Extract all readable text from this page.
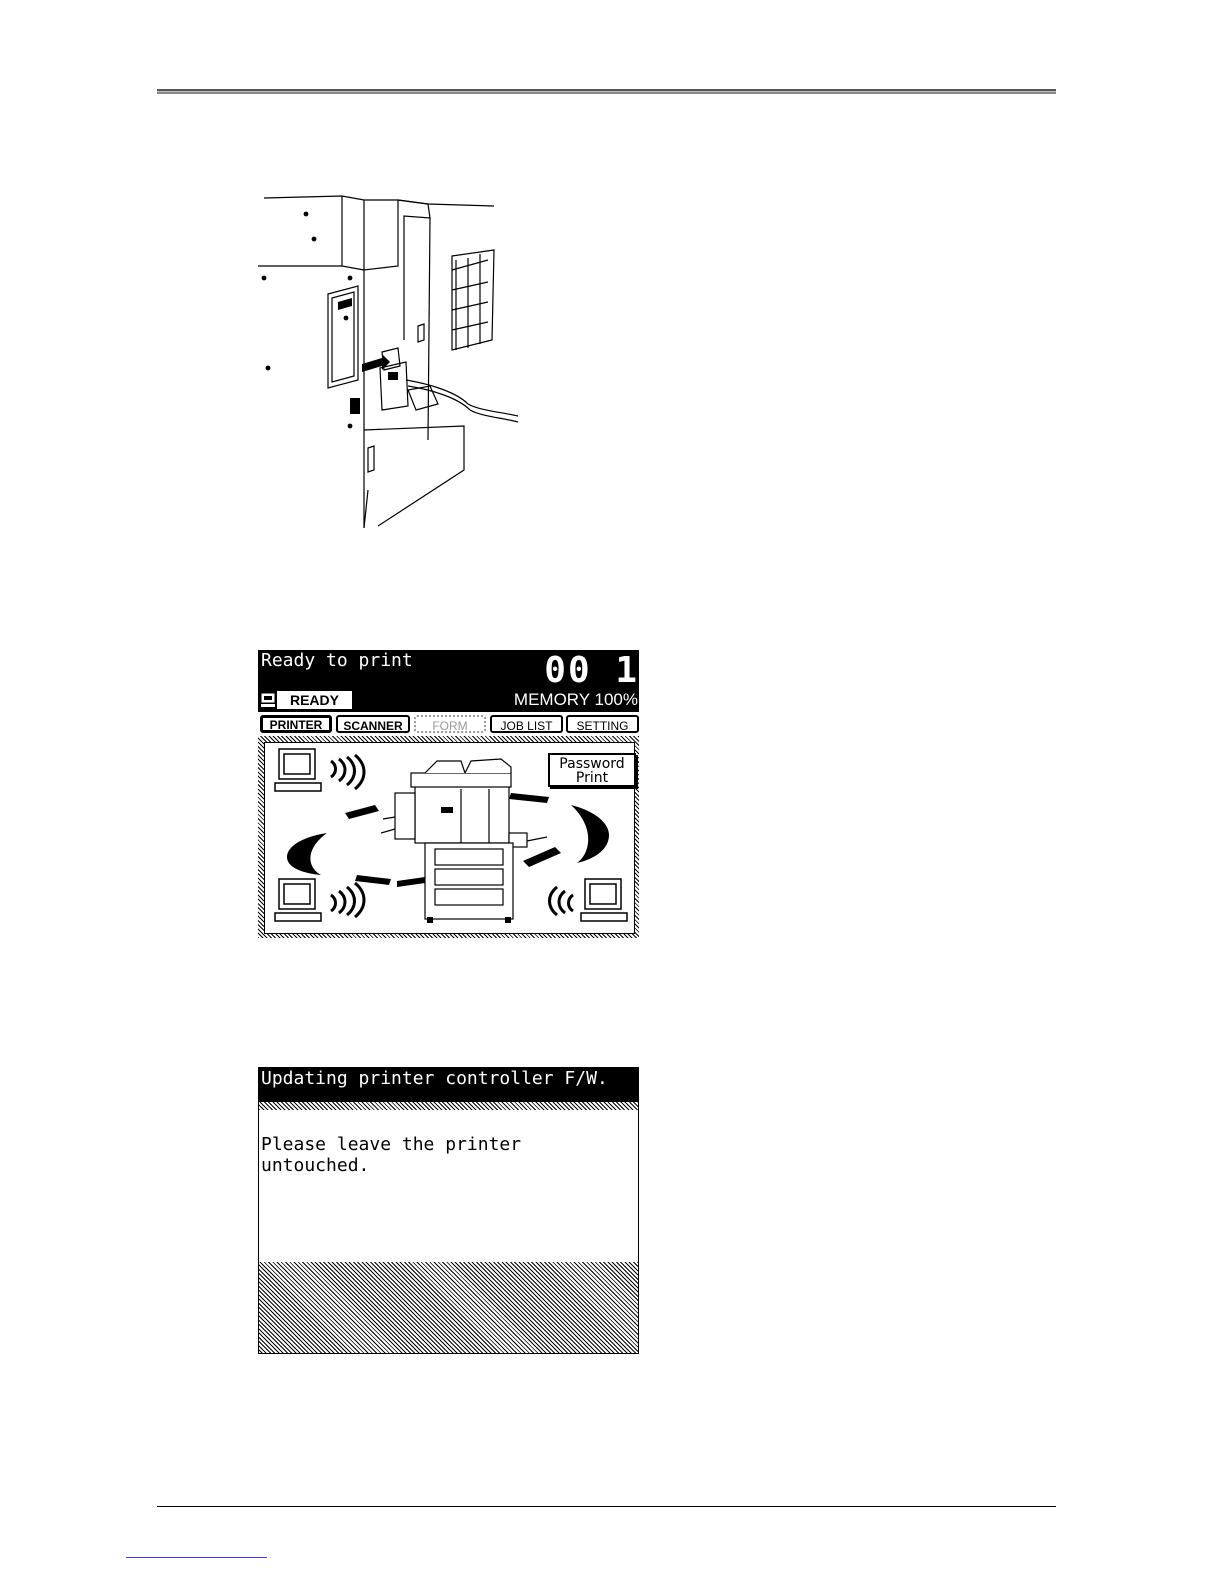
Ready to print	00 1
READY	MEMORY 100%
PRINTER	SCANNER	FORM	JOB LIST	SETTING
Password
Print
Updating printer controller F/W.
Please leave the printer untouched.
